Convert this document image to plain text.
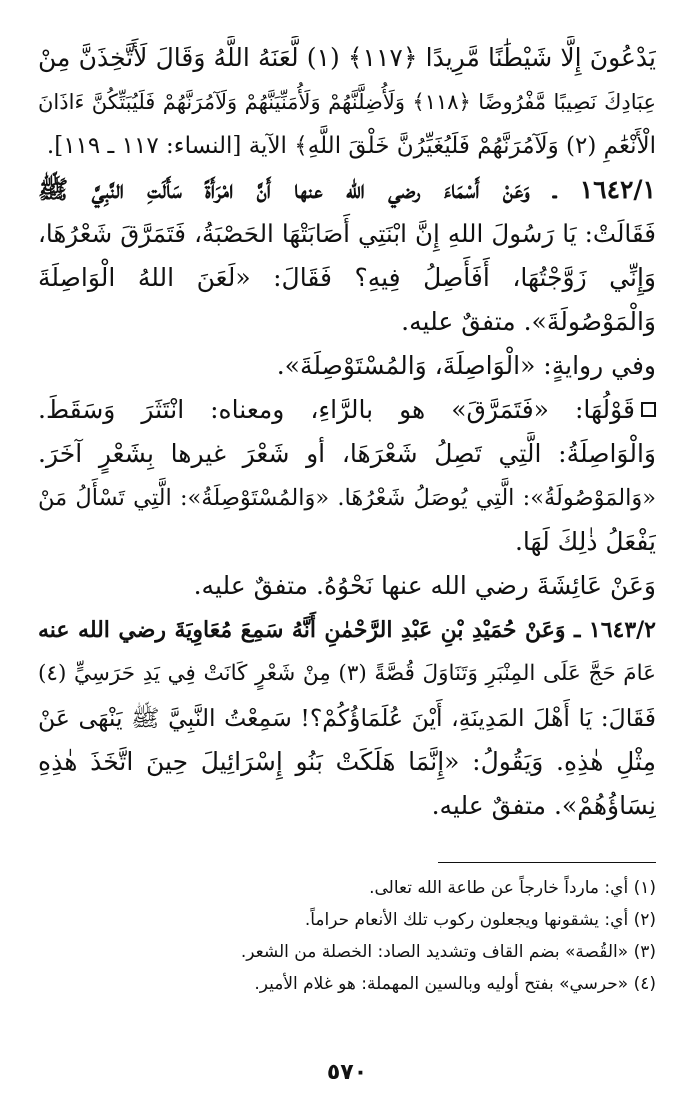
يَدْعُونَ إِلَّا شَيْطَٰنًا مَّرِيدًا ﴿١١٧﴾ (١) لَّعَنَهُ اللَّهُ وَقَالَ لَأَتَّخِذَنَّ مِنْ
عِبَادِكَ نَصِيبًا مَّفْرُوضًا ﴿١١٨﴾ وَلَأُضِلَّنَّهُمْ وَلَأُمَنِّيَنَّهُمْ وَلَآمُرَنَّهُمْ فَلَيُبَتِّكُنَّ ءَاذَانَ
الْأَنْعَٰمِ (٢) وَلَآمُرَنَّهُمْ فَلَيُغَيِّرُنَّ خَلْقَ اللَّهِ﴾ الآية [النساء: ١١٧ ـ ١١٩].
١٦٤٢/١ ـ وَعَنْ أَسْمَاءَ رضي الله عنها أَنَّ امْرَأَةً سَأَلَتِ النَّبِيَّ ﷺ
فَقَالَتْ: يَا رَسُولَ اللهِ إِنَّ ابْنَتِي أَصَابَتْهَا الحَصْبَةُ، فَتَمَرَّقَ شَعْرُهَا،
وَإِنِّي زَوَّجْتُهَا، أَفَأَصِلُ فِيهِ؟ فَقَالَ: «لَعَنَ اللهُ الْوَاصِلَةَ
وَالْمَوْصُولَةَ». متفقٌ عليه.
وفي روايةٍ: «الْوَاصِلَةَ، وَالمُسْتَوْصِلَةَ».
قَوْلُهَا: «فَتَمَرَّقَ» هو بالرَّاءِ، ومعناه: انْتَثَرَ وَسَقَطَ.
وَالْوَاصِلَةُ: الَّتِي تَصِلُ شَعْرَهَا، أو شَعْرَ غيرها بِشَعْرٍ آخَرَ.
«وَالمَوْصُولَةُ»: الَّتِي يُوصَلُ شَعْرُهَا. «وَالمُسْتَوْصِلَةُ»: الَّتِي تَسْأَلُ مَنْ
يَفْعَلُ ذٰلِكَ لَهَا.
وَعَنْ عَائِشَةَ رضي الله عنها نَحْوُهُ. متفقٌ عليه.
١٦٤٣/٢ ـ وَعَنْ حُمَيْدِ بْنِ عَبْدِ الرَّحْمٰنِ أَنَّهُ سَمِعَ مُعَاوِيَةَ رضي الله عنه
عَامَ حَجَّ عَلَى المِنْبَرِ وَتَنَاوَلَ قُصَّةً (٣) مِنْ شَعْرٍ كَانَتْ فِي يَدِ حَرَسِيٍّ (٤)
فَقَالَ: يَا أَهْلَ المَدِينَةِ، أَيْنَ عُلَمَاؤُكُمْ؟! سَمِعْتُ النَّبِيَّ ﷺ يَنْهَى عَنْ
مِثْلِ هٰذِهِ. وَيَقُولُ: «إِنَّمَا هَلَكَتْ بَنُو إِسْرَائِيلَ حِينَ اتَّخَذَ هٰذِهِ
نِسَاؤُهُمْ». متفقٌ عليه.
(١) أي: مارداً خارجاً عن طاعة الله تعالى.
(٢) أي: يشقونها ويجعلون ركوب تلك الأنعام حراماً.
(٣) «القُصة» بضم القاف وتشديد الصاد: الخصلة من الشعر.
(٤) «حرسي» بفتح أوليه وبالسين المهملة: هو غلام الأمير.
٥٧٠
